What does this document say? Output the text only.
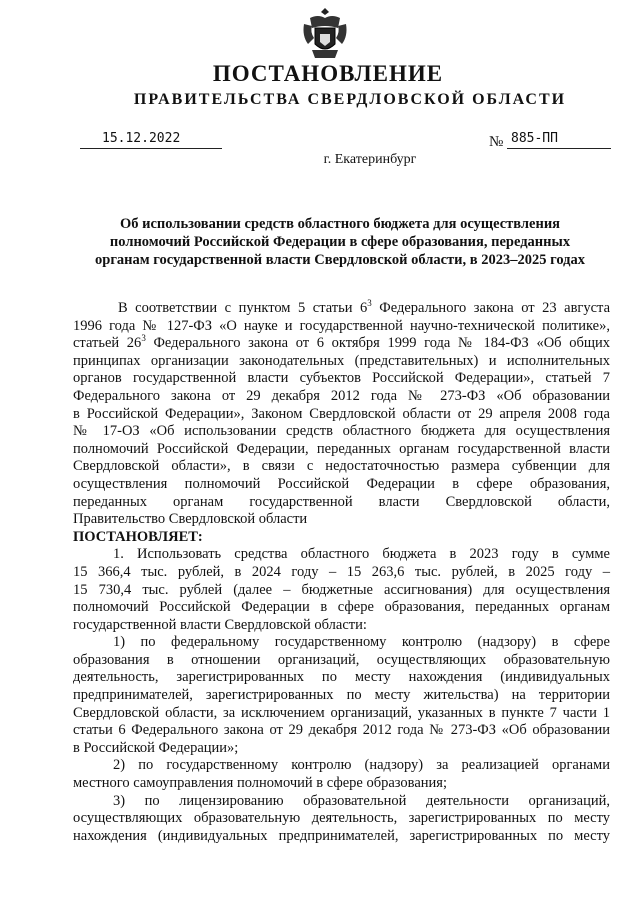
ПОСТАНОВЛЕНИЕ
ПРАВИТЕЛЬСТВА СВЕРДЛОВСКОЙ ОБЛАСТИ
15.12.2022	№ 885-ПП
г. Екатеринбург
Об использовании средств областного бюджета для осуществления
полномочий Российской Федерации в сфере образования, переданных
органам государственной власти Свердловской области, в 2023–2025 годах
В соответствии с пунктом 5 статьи $6^3$ Федерального закона от 23 августа
1996 года № 127-ФЗ «О науке и государственной научно-технической политике»,
статьей $26^3$ Федерального закона от 6 октября 1999 года № 184-ФЗ «Об общих
принципах организации законодательных (представительных) и исполнительных
органов государственной власти субъектов Российской Федерации», статьей 7
Федерального закона от 29 декабря 2012 года № 273-ФЗ «Об образовании
в Российской Федерации», Законом Свердловской области от 29 апреля 2008 года
№ 17-ОЗ «Об использовании средств областного бюджета для осуществления
полномочий Российской Федерации, переданных органам государственной власти
Свердловской области», в связи с недостаточностью размера субвенции для
осуществления полномочий Российской Федерации в сфере образования,
переданных органам государственной власти Свердловской области,
Правительство Свердловской области
ПОСТАНОВЛЯЕТ:
1. Использовать средства областного бюджета в 2023 году в сумме
15 366,4 тыс. рублей, в 2024 году – 15 263,6 тыс. рублей, в 2025 году –
15 730,4 тыс. рублей (далее – бюджетные ассигнования) для осуществления
полномочий Российской Федерации в сфере образования, переданных органам
государственной власти Свердловской области:
1) по федеральному государственному контролю (надзору) в сфере
образования в отношении организаций, осуществляющих образовательную
деятельность, зарегистрированных по месту нахождения (индивидуальных
предпринимателей, зарегистрированных по месту жительства) на территории
Свердловской области, за исключением организаций, указанных в пункте 7 части 1
статьи 6 Федерального закона от 29 декабря 2012 года № 273-ФЗ «Об образовании
в Российской Федерации»;
2) по государственному контролю (надзору) за реализацией органами
местного самоуправления полномочий в сфере образования;
3) по лицензированию образовательной деятельности организаций,
осуществляющих образовательную деятельность, зарегистрированных по месту
нахождения (индивидуальных предпринимателей, зарегистрированных по месту
